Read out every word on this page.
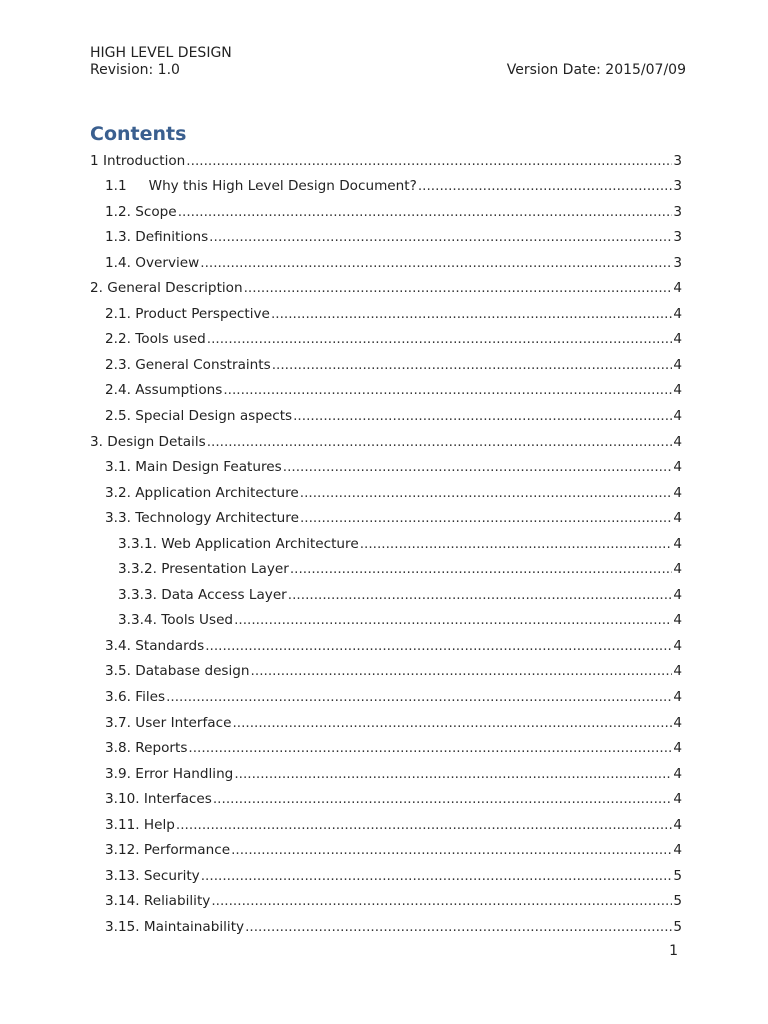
HIGH LEVEL DESIGN
Revision: 1.0	Version Date: 2015/07/09
Contents
1 Introduction .....	3
1.1 Why this High Level Design Document? .....	3
1.2. Scope .....	3
1.3. Definitions .....	3
1.4. Overview .....	3
2. General Description .....	4
2.1. Product Perspective .....	4
2.2. Tools used .....	4
2.3. General Constraints .....	4
2.4. Assumptions .....	4
2.5. Special Design aspects .....	4
3. Design Details .....	4
3.1. Main Design Features .....	4
3.2. Application Architecture .....	4
3.3. Technology Architecture .....	4
3.3.1. Web Application Architecture .....	4
3.3.2. Presentation Layer .....	4
3.3.3. Data Access Layer .....	4
3.3.4. Tools Used .....	4
3.4. Standards .....	4
3.5. Database design .....	4
3.6. Files .....	4
3.7. User Interface .....	4
3.8. Reports .....	4
3.9. Error Handling .....	4
3.10. Interfaces .....	4
3.11. Help .....	4
3.12. Performance .....	4
3.13. Security .....	5
3.14. Reliability .....	5
3.15. Maintainability .....	5
1
